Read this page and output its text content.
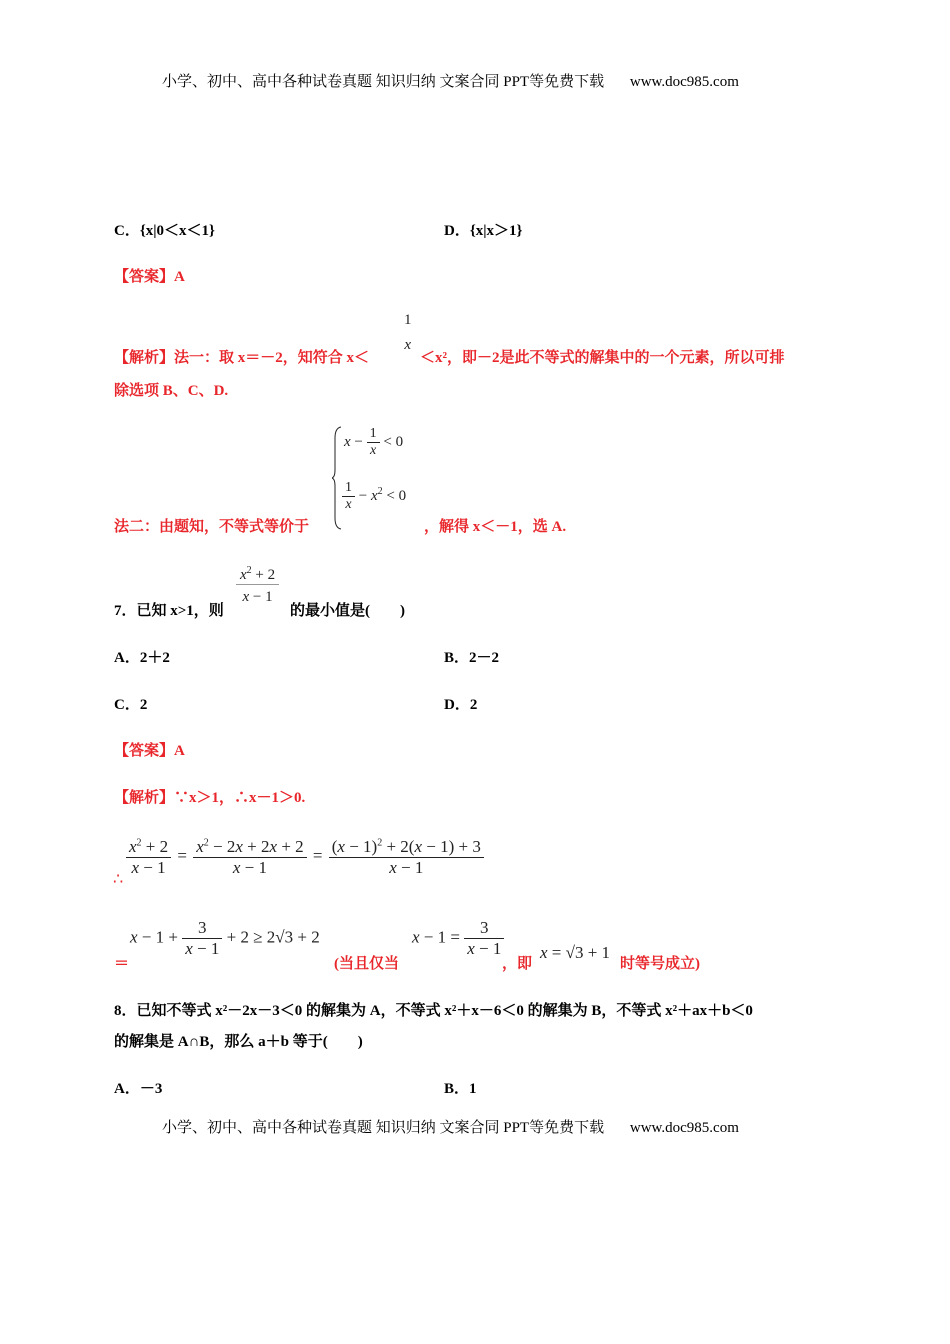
小学、初中、高中各种试卷真题 知识归纳 文案合同 PPT等免费下载 www.doc985.com
C．{x|0＜x＜1}	D．{x|x＞1}
【答案】A
【解析】法一：取 x＝－2，知符合 x＜
1
x
＜x²，即－2是此不等式的解集中的一个元素，所以可排
除选项 B、C、D.
法二：由题知，不等式等价于
$x - \frac{1}{x} < 0$
$\frac{1}{x} - x^2 < 0$
，解得 x＜－1，选 A.
7．已知 x>1，则
$x^2 + 2$
x − 1
的最小值是(　　)
A．2＋2	B．2－2
C．2	D．2
【答案】A
【解析】∵x＞1，∴x－1＞0.
∴
$\frac{x^2 + 2}{x - 1} = \frac{x^2 - 2x + 2x + 2}{x - 1} = \frac{(x - 1)^2 + 2(x - 1) + 3}{x - 1}$
＝
$x - 1 + \frac{3}{x - 1} + 2 \ge 2√3 + 2$
(当且仅当
$x - 1 = \frac{3}{x - 1}$
，即
x = √3 + 1
时等号成立)
8．已知不等式 x²－2x－3＜0 的解集为 A，不等式 x²＋x－6＜0 的解集为 B，不等式 x²＋ax＋b＜0
的解集是 A∩B，那么 a＋b 等于(　　)
A．－3	B．1
小学、初中、高中各种试卷真题 知识归纳 文案合同 PPT等免费下载 www.doc985.com
